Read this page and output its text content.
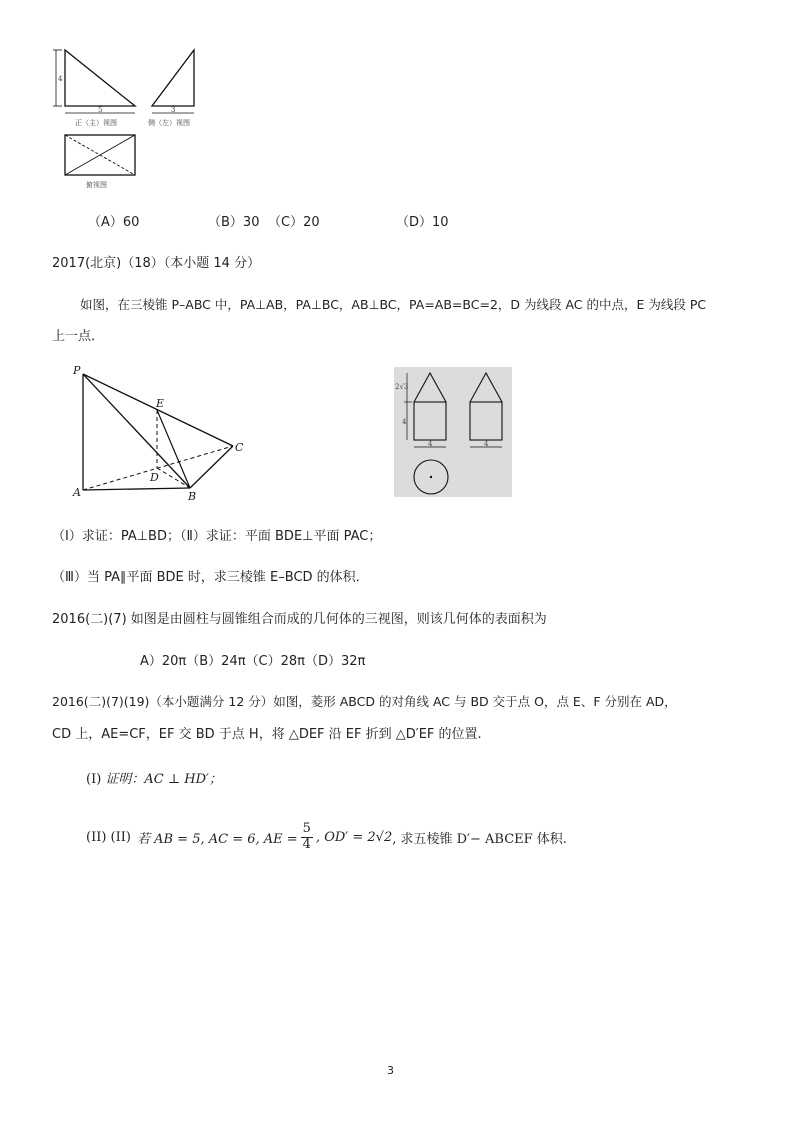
4
5
正（主）视图
3
侧（左）视图
俯视图
（A）60	（B）30 （C）20	（D）10
2017(北京)（18）（本小题 14 分）
如图，在三棱锥 P–ABC 中，PA⊥AB，PA⊥BC，AB⊥BC，PA=AB=BC=2，D 为线段 AC 的中点，E 为线段 PC
上一点．
P
E
C
D
A	B
2√3
4
4	4
（Ⅰ）求证：PA⊥BD；（Ⅱ）求证：平面 BDE⊥平面 PAC；
（Ⅲ）当 PA∥平面 BDE 时，求三棱锥 E–BCD 的体积．
2016(二)(7) 如图是由圆柱与圆锥组合而成的几何体的三视图，则该几何体的表面积为
A）20π（B）24π（C）28π（D）32π
2016(二)(7)(19)（本小题满分 12 分）如图，菱形 ABCD 的对角线 AC 与 BD 交于点 O，点 E、F 分别在 AD，
CD 上，AE=CF，EF 交 BD 于点 H，将 △DEF 沿 EF 折到 △D′EF 的位置.
(I) 证明：AC ⊥ HD′；
(II) (II) 若 AB = 5, AC = 6, AE = $\frac{5}{4}$ , OD′ = 2√2 , 求五棱锥 D′− ABCEF 体积.
3
